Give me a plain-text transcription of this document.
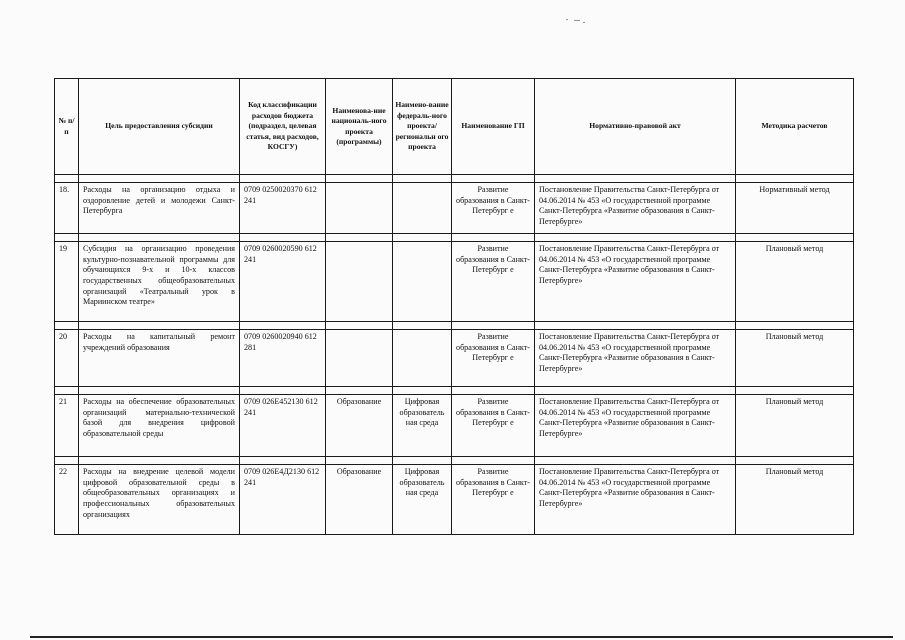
№ п/ п	Цель предоставления субсидии	Код классификации расходов бюджета (подраздел, целевая статья, вид расходов, КОСГУ)	Наименова-ние националь-ного проекта (программы)	Наимено-вание федераль-ного проекта/ региональн ого проекта	Наименование ГП	Нормативно-правовой акт	Методика расчетов

18.	Расходы на организацию отдыха и оздоровление детей и молодежи Санкт-Петербурга	0709 0250020370 612 241			Развитие образования в Санкт-Петербург е	Постановление Правительства Санкт-Петербурга от 04.06.2014 № 453 «О государственной программе Санкт-Петербурга «Развитие образования в Санкт-Петербурге»	Нормативный метод

19	Субсидия на организацию проведения культурно-познавательной программы для обучающихся 9-х и 10-х классов государственных общеобразовательных организаций «Театральный урок в Мариинском театре»	0709 0260020590 612 241			Развитие образования в Санкт-Петербург е	Постановление Правительства Санкт-Петербурга от 04.06.2014 № 453 «О государственной программе Санкт-Петербурга «Развитие образования в Санкт-Петербурге»	Плановый метод

20	Расходы на капитальный ремонт учреждений образования	0709 0260020940 612 281			Развитие образования в Санкт-Петербург е	Постановление Правительства Санкт-Петербурга от 04.06.2014 № 453 «О государственной программе Санкт-Петербурга «Развитие образования в Санкт-Петербурге»	Плановый метод

21	Расходы на обеспечение образовательных организаций материально-технической базой для внедрения цифровой образовательной среды	0709 026Е452130 612 241	Образование	Цифровая образователь ная среда	Развитие образования в Санкт-Петербург е	Постановление Правительства Санкт-Петербурга от 04.06.2014 № 453 «О государственной программе Санкт-Петербурга «Развитие образования в Санкт-Петербурге»	Плановый метод

22	Расходы на внедрение целевой модели цифровой образовательной среды в общеобразовательных организациях и профессиональных образовательных организациях	0709 026Е4Д2130 612 241	Образование	Цифровая образователь ная среда	Развитие образования в Санкт-Петербург е	Постановление Правительства Санкт-Петербурга от 04.06.2014 № 453 «О государственной программе Санкт-Петербурга «Развитие образования в Санкт-Петербурге»	Плановый метод
